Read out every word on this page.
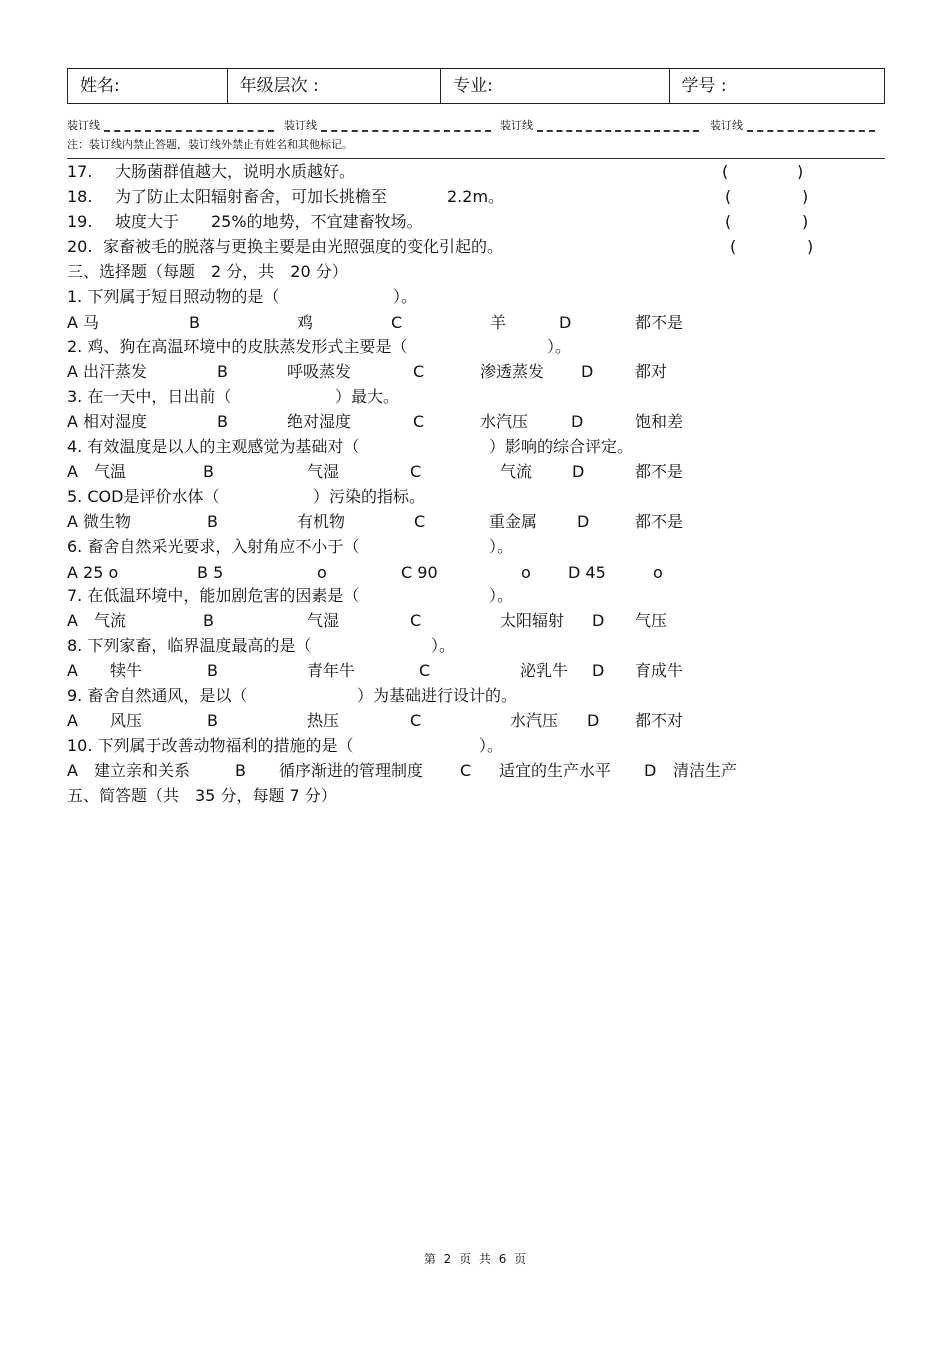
姓名:	年级层次 :	专业:	学号 :
装订线	装订线	装订线	装订线
注：装订线内禁止答题，装订线外禁止有姓名和其他标记。
17. 大肠菌群值越大，说明水质越好。	(	)
18. 为了防止太阳辐射畜舍，可加长挑檐至	2.2m。	(	)
19. 坡度大于 25%的地势，不宜建畜牧场。	(	)
20. 家畜被毛的脱落与更换主要是由光照强度的变化引起的。	(	)
三、选择题（每题　2 分，共　20 分）
1. 下列属于短日照动物的是（	）。
A 马	B	鸡	C	羊	D	都不是
2. 鸡、狗在高温环境中的皮肤蒸发形式主要是（	）。
A 出汗蒸发	B	呼吸蒸发	C	渗透蒸发 D	都对
3. 在一天中，日出前（	）最大。
A 相对湿度	B	绝对湿度	C	水汽压	D	饱和差
4. 有效温度是以人的主观感觉为基础对（	）影响的综合评定。
A　气温	B	气湿	C	气流 D	都不是
5. COD是评价水体（	）污染的指标。
A 微生物	B	有机物	C	重金属 D	都不是
6. 畜舍自然采光要求，入射角应不小于（	）。
A 25 o	B 5	o	C 90	o D 45	o
7. 在低温环境中，能加剧危害的因素是（	）。
A　气流	B	气湿	C	太阳辐射 D 气压
8. 下列家畜，临界温度最高的是（	）。
A　　犊牛	B	青年牛	C	泌乳牛 D 育成牛
9. 畜舍自然通风，是以（	）为基础进行设计的。
A　　风压	B	热压	C	水汽压 D 都不对
10. 下列属于改善动物福利的措施的是（	）。
A　建立亲和关系	B 循序渐进的管理制度 C 适宜的生产水平 D 清洁生产
五、简答题（共　35 分，每题 7 分）
第 2 页 共 6 页
